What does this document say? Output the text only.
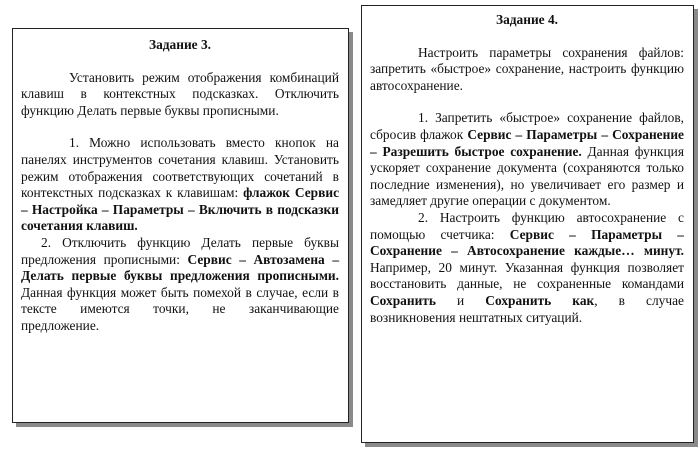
Задание 3.

Установить режим отображения комбинаций клавиш в контекстных подсказках. Отключить функцию Делать первые буквы прописными.

1. Можно использовать вместо кнопок на панелях инструментов сочетания клавиш. Установить режим отображения соответствующих сочетаний в контекстных подсказках к клавишам: флажок Сервис – Настройка – Параметры – Включить в подсказки сочетания клавиш.

2. Отключить функцию Делать первые буквы предложения прописными: Сервис – Автозамена – Делать первые буквы предложения прописными. Данная функция может быть помехой в случае, если в тексте имеются точки, не заканчивающие предложение.

Задание 4.

Настроить параметры сохранения файлов: запретить «быстрое» сохранение, настроить функцию автосохранение.

1. Запретить «быстрое» сохранение файлов, сбросив флажок Сервис – Параметры – Сохранение – Разрешить быстрое сохранение. Данная функция ускоряет сохранение документа (сохраняются только последние изменения), но увеличивает его размер и замедляет другие операции с документом.

2. Настроить функцию автосохранение с помощью счетчика: Сервис – Параметры – Сохранение – Автосохранение каждые… минут. Например, 20 минут. Указанная функция позволяет восстановить данные, не сохраненные командами Сохранить и Сохранить как, в случае возникновения нештатных ситуаций.
